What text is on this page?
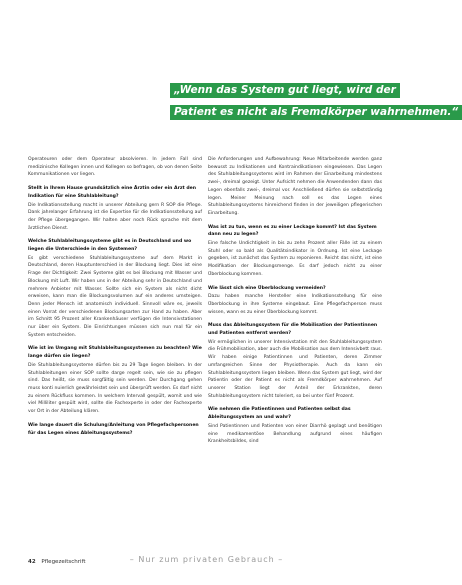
„Wenn das System gut liegt, wird der
Patient es nicht als Fremdkörper wahrnehmen.“

Operateuren oder dem Operateur absolvieren. In jedem Fall sind medizinische Kollegen innen und Kollegen so befragen, ob von denen Seite Kommunikationen vor liegen.

Stellt in Ihrem Hause grundsätzlich eine Ärztin oder ein Arzt den Indikation für eine Stuhlableitung?

Die Indikationsstellung macht in unserer Abteilung gern R SOP die Pflege. Dank jahrelanger Erfahrung ist die Expertise für die Indikationsstellung auf der Pflege übergegangen. Wir halten aber noch Rück sprache mit dem ärztlichen Dienst.

Welche Stuhlableitungssysteme gibt es in Deutschland und wo liegen die Unterschiede in den Systemen?

Es gibt verschiedene Stuhlableitungssysteme auf dem Markt in Deutschland, deren Hauptunterschied in der Blockung liegt. Dies ist eine Frage der Dichtigkeit: Zwei Systeme gibt es bei Blockung mit Wasser und Blockung mit Luft. Wir haben uns in der Abteilung sehr in Deutschland und mehrere Anbieter mit Wasser. Sollte sich ein System als nicht dicht erweisen, kann man die Blockungsvolumen auf ein anderes umsteigen. Denn jeder Mensch ist anatomisch individuell. Sinnvoll wäre es, jeweils einen Vorrat der verschiedenen Blockungsarten zur Hand zu haben. Aber im Schnitt 95 Prozent aller Krankenhäuser verfügen die Intensivstationen nur über ein System. Die Einrichtungen müssen sich nun mal für ein System entscheiden.

Wie ist im Umgang mit Stuhlableitungssystemen zu beachten? Wie lange dürfen sie liegen?

Die Stuhlableitungssysteme dürfen bis zu 29 Tage liegen bleiben. In der Stuhlableitungen einer SOP sollte darge regelt sein, wie sie zu pflegen sind. Das heißt, sie muss sorgfältig sein werden. Der Durchgang gehen muss konti nuierlich gewährleistet sein und überprüft werden. Es darf nicht zu einem Rückfluss kommen. In welchem Intervall gespült, womit und wie viel Milliliter gespült wird, sollte die Fachexperte in oder der Fachexperte vor Ort in der Abteilung klären.

Wie lange dauert die Schulung/Anleitung von Pflegefachpersonen für das Legen eines Ableitungssystems?

Die Anforderungen und Aufbewahrung: Neue Mitarbeitende werden ganz bewusst zu Indikationen und Kontraindikationen eingewiesen. Das Legen des Stuhlableitungssystems wird im Rahmen der Einarbeitung mindestens zwei-, dreimal gezeigt. Unter Aufsicht nehmen die Anwendenden dann das Legen ebenfalls zwei-, dreimal vor. Anschließend dürfen sie selbstständig legen. Meiner Meinung nach soll es das Legen eines Stuhlableitungssystems hinreichend finden in der jeweiligen pflegerischen Einarbeitung.

Was ist zu tun, wenn es zu einer Leckage kommt? Ist das System dann neu zu legen?

Eine falsche Undichtigkeit in bis zu zehn Prozent aller Fälle ist zu einem Stuhl oder so bald als Qualitätsindikator in Ordnung. Ist eine Leckage gegeben, ist zunächst das System zu reponieren. Reicht das nicht, ist eine Modifikation der Blockungsmenge. Es darf jedoch nicht zu einer Überblockung kommen.

Wie lässt sich eine Überblockung vermeiden?

Dazu haben manche Hersteller eine Indikationsstellung für eine Überblockung in ihre Systeme eingebaut. Eine Pflegefachperson muss wissen, wann es zu einer Überblockung kommt.

Muss das Ableitungssystem für die Mobilisation der Patientinnen und Patienten entfernt werden?

Wir ermöglichen in unserer Intensivstation mit den Stuhlableitungssystem die Frühmobilisation, aber auch die Mobilisation aus dem Intensivbett raus. Wir haben einige Patientinnen und Patienten, deren Zimmer umfangreichen Sinne der Physiotherapie. Auch da kann ein Stuhlableitungssystem liegen bleiben. Wenn das System gut liegt, wird der Patientin oder der Patient es nicht als Fremdkörper wahrnehmen. Auf unserer Station liegt der Anteil der Erkrankten, deren Stuhlableitungssystem nicht toleriert, so bei unter fünf Prozent.

Wie nehmen die Patientinnen und Patienten selbst das Ableitungssystem an und wahr?

Sind Patientinnen und Patienten von einer Diarrhö geplagt und benötigen eine medikamentöse Behandlung aufgrund eines häufigen Krankheitsbildes, sind

42 Pflegezeitschrift	– Nur zum privaten Gebrauch –
